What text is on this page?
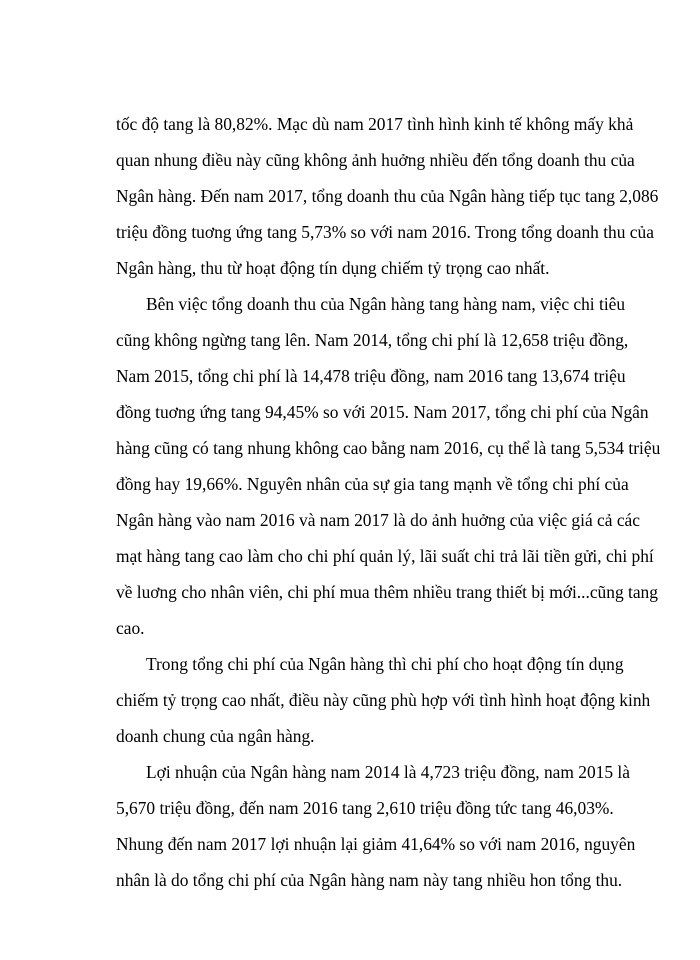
tốc độ tang là 80,82%. Mạc dù nam 2017 tình hình kinh tế không mấy khả
quan nhung điều này cũng không ảnh huởng nhiều đến tổng doanh thu của
Ngân hàng. Đến nam 2017, tổng doanh thu của Ngân hàng tiếp tục tang 2,086
triệu đồng tuơng ứng tang 5,73% so với nam 2016. Trong tổng doanh thu của
Ngân hàng, thu từ hoạt động tín dụng chiếm tỷ trọng cao nhất.
Bên việc tổng doanh thu của Ngân hàng tang hàng nam, việc chi tiêu
cũng không ngừng tang lên. Nam 2014, tổng chi phí là 12,658 triệu đồng,
Nam 2015, tổng chi phí là 14,478 triệu đồng, nam 2016 tang 13,674 triệu
đồng tuơng ứng tang 94,45% so với 2015. Nam 2017, tổng chi phí của Ngân
hàng cũng có tang nhung không cao bằng nam 2016, cụ thể là tang 5,534 triệu
đồng hay 19,66%. Nguyên nhân của sự gia tang mạnh về tổng chi phí của
Ngân hàng vào nam 2016 và nam 2017 là do ảnh huởng của việc giá cả các
mạt hàng tang cao làm cho chi phí quản lý, lãi suất chi trả lãi tiền gửi, chi phí
về luơng cho nhân viên, chi phí mua thêm nhiều trang thiết bị mới...cũng tang
cao.
Trong tổng chi phí của Ngân hàng thì chi phí cho hoạt động tín dụng
chiếm tỷ trọng cao nhất, điều này cũng phù hợp với tình hình hoạt động kinh
doanh chung của ngân hàng.
Lợi nhuận của Ngân hàng nam 2014 là 4,723 triệu đồng, nam 2015 là
5,670 triệu đồng, đến nam 2016 tang 2,610 triệu đồng tức tang 46,03%.
Nhung đến nam 2017 lợi nhuận lại giảm 41,64% so với nam 2016, nguyên
nhân là do tổng chi phí của Ngân hàng nam này tang nhiều hon tổng thu.
